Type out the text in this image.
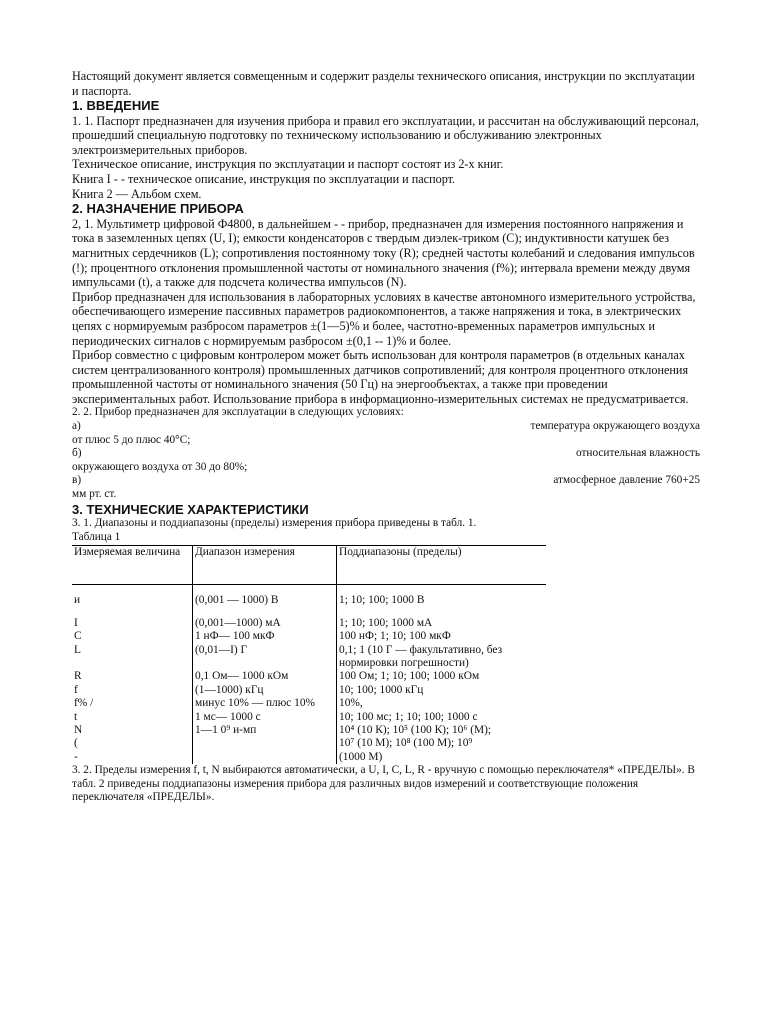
Настоящий документ является совмещенным и содержит разделы технического описания, инструкции по эксплуатации и паспорта.

1. ВВЕДЕНИЕ

1. 1. Паспорт предназначен для изучения прибора и правил его эксплуатации, и рассчитан на обслуживающий персонал, прошедший специальную подготовку по техническому использованию и обслуживанию электронных электроизмерительных приборов.

Техническое описание, инструкция по эксплуатации и паспорт состоят из 2-х книг.

Книга I - - техническое описание, инструкция по эксплуатации и паспорт.

Книга 2 — Альбом схем.

2. НАЗНАЧЕНИЕ ПРИБОРА

2, 1. Мультиметр цифровой Ф4800, в дальнейшем - - прибор, предназначен для измерения постоянного напряжения и тока в заземленных цепях (U, I); емкости конденсаторов с твердым диэлек-триком (C); индуктивности катушек без магнитных сердечников (L); сопротивления постоянному току (R); средней частоты колебаний и следования импульсов (!); процентного отклонения промышленной частоты от номинального значения (f%); интервала времени между двумя импульсами (t), а также для подсчета количества импульсов (N).

Прибор предназначен для использования в лабораторных условиях в качестве автономного измерительного устройства, обеспечивающего измерение пассивных параметров радиокомпонентов, а также напряжения и тока, в электрических цепях с нормируемым разбросом параметров ±(1—5)% и более, частотно-временных параметров импульсных и периодических сигналов с нормируемым разбросом ±(0,1 -- 1)% и более.

Прибор совместно с цифровым контролером может быть использован для контроля параметров (в отдельных каналах систем централизованного контроля) промышленных датчиков сопротивлений; для контроля процентного отклонения промышленной частоты от номинального значения (50 Гц) на энергообъектах, а также при проведении экспериментальных работ. Использование прибора в информационно-измерительных системах не предусматривается.

2. 2. Прибор предназначен для эксплуатации в следующих условиях:

а)	температура окружающего воздуха

от плюс 5 до плюс 40°С;

б)	относительная влажность

окружающего воздуха от 30 до 80%;

в)	атмосферное давление 760+25

мм рт. ст.

3. ТЕХНИЧЕСКИЕ ХАРАКТЕРИСТИКИ

3. 1. Диапазоны и поддиапазоны (пределы) измерения прибора приведены в табл. 1.

Таблица 1

Измеряемая величина	Диапазон измерения	Поддиапазоны (пределы)

и	(0,001 — 1000) В	1; 10; 100; 1000 В

I	(0,001—1000) мА	1; 10; 100; 1000 мА
C	1 нФ— 100 мкФ	100 нФ; 1; 10; 100 мкФ
L	(0,01—I) Г	0,1; 1 (10 Г — факультативно, без нормировки погрешности)
R	0,1 Ом— 1000 кОм	100 Ом; 1; 10; 100; 1000 кОм
f	(1—1000) кГц	10; 100; 1000 кГц
f% /	минус 10% — плюс 10%	10%,
t	1 мс— 1000 с	10; 100 мс; 1; 10; 100; 1000 с
N	1—1 0⁹ и-мп	10⁴ (10 К); 10⁵ (100 К); 10⁶ (М);
(		10⁷ (10 М); 10⁸ (100 М); 10⁹
-		(1000 М)

3. 2. Пределы измерения f, t, N выбираются автоматически, a U, I, C, L, R - вручную с помощью переключателя* «ПРЕДЕЛЫ». В табл. 2 приведены поддиапазоны измерения прибора для различных видов измерений и соответствующие положения переключателя «ПРЕДЕЛЫ».
